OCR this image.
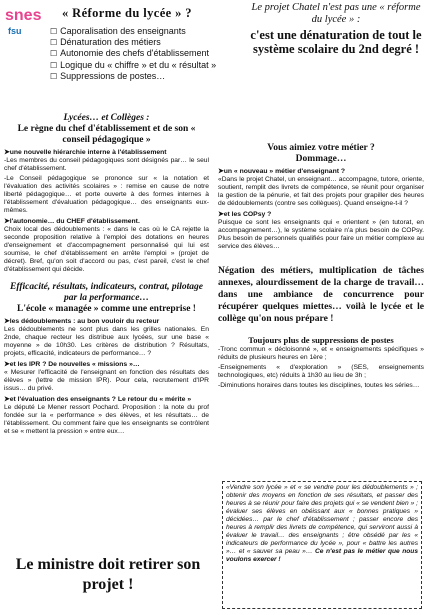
snes
fsu
« Réforme du lycée » ?
☐ Caporalisation des enseignants
☐ Dénaturation des métiers
☐ Autonomie des chefs d'établissement
☐ Logique du « chiffre » et du « résultat »
☐ Suppressions de postes…
Le projet Chatel n'est pas une « réforme du lycée » :
c'est une dénaturation de tout le système scolaire du 2nd degré !
Lycées… et Collèges :
Le règne du chef d'établissement et de son « conseil pédagogique »
➤ une nouvelle hiérarchie interne à l'établissement

-Les membres du conseil pédagogiques sont désignés par… le seul chef d'établissement.

-Le Conseil pédagogique se prononce sur « la notation et l'évaluation des activités scolaires » : remise en cause de notre liberté pédagogique… et porte ouverte à des formes internes à l'établissement d'évaluation pédagogique… des enseignants eux-mêmes.

➤ l'autonomie… du CHEF d'établissement.

Choix local des dédoublements : « dans le cas où le CA rejette la seconde proposition relative à l'emploi des dotations en heures d'enseignement et d'accompagnement personnalisé qui lui est soumise, le chef d'établissement en arrête l'emploi » (projet de décret). Bref, qu'on soit d'accord ou pas, c'est pareil, c'est le chef d'établissement qui décide.

Efficacité, résultats, indicateurs, contrat, pilotage par la performance…
L'école « managée » comme une entreprise !
➤ les dédoublements : au bon vouloir du recteur

Les dédoublements ne sont plus dans les grilles nationales. En 2nde, chaque recteur les distribue aux lycées, sur une base « moyenne » de 10h30. Les critères de distribution ? Résultats, projets, efficacité, indicateurs de performance… ?

➤ et les IPR ? De nouvelles « missions »…

« Mesurer l'efficacité de l'enseignant en fonction des résultats des élèves » (lettre de mission IPR). Pour cela, recrutement d'IPR issus… du privé.

➤ et l'évaluation des enseignants ? Le retour du « mérite »

Le député Le Mener ressort Pochard. Proposition : la note du prof fondée sur la « performance » des élèves, et les résultats… de l'établissement. Ou comment faire que les enseignants se contrôlent et se « mettent la pression » entre eux…

Le ministre doit retirer son projet !
Vous aimiez votre métier ?
Dommage…
➤ un « nouveau » métier d'enseignant ?

«Dans le projet Chatel, un enseignant… accompagne, tutore, oriente, soutient, remplit des livrets de compétence, se réunit pour organiser la gestion de la pénurie, et fait des projets pour grapiller des heures de dédoublements (contre ses collègues). Quand enseigne-t-il ?

➤ et les COPsy ?

Puisque ce sont les enseignants qui « orientent » (en tutorat, en accompagnement…), le système scolaire n'a plus besoin de COPsy. Plus besoin de personnels qualifiés pour faire un métier complexe au service des élèves…

Négation des métiers, multiplication de tâches annexes, alourdissement de la charge de travail… dans une ambiance de concurrence pour récupérer quelques miettes… voilà le lycée et le collège qu'on nous prépare !
Toujours plus de suppressions de postes

-Tronc commun « décloisonné », et « enseignements spécifiques » réduits de plusieurs heures en 1ère ;

-Enseignements « d'exploration » (SES, enseignements technologiques, etc) réduits à 1h30 au lieu de 3h ;

-Diminutions horaires dans toutes les disciplines, toutes les séries…

«Vendre son lycée » et « se vendre pour les dédoublements » ; obtenir des moyens en fonction de ses résultats, et passer des heures à se réunir pour faire des projets qui « se vendent bien » ; évaluer ses élèves en obéissant aux « bonnes pratiques » décidées… par le chef d'établissement ; passer encore des heures à remplir des livrets de compétence, qui serviront aussi à évaluer le travail… des enseignants ; être obsédé par les « indicateurs de performance du lycée », pour « battre les autres »… et « sauver sa peau »… Ce n'est pas le métier que nous voulons exercer !
